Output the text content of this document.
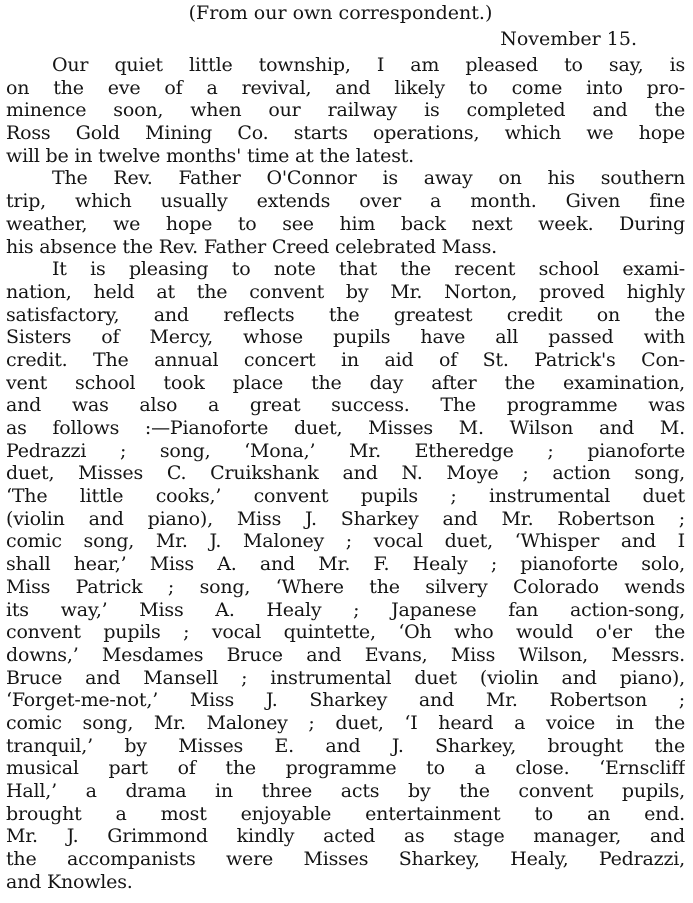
(From our own correspondent.)

November 15.

Our quiet little township, I am pleased to say, is
on the eve of a revival, and likely to come into pro-
minence soon, when our railway is completed and the
Ross Gold Mining Co. starts operations, which we hope
will be in twelve months' time at the latest.

The Rev. Father O'Connor is away on his southern
trip, which usually extends over a month. Given fine
weather, we hope to see him back next week. During
his absence the Rev. Father Creed celebrated Mass.

It is pleasing to note that the recent school exami-
nation, held at the convent by Mr. Norton, proved highly
satisfactory, and reflects the greatest credit on the
Sisters of Mercy, whose pupils have all passed with
credit. The annual concert in aid of St. Patrick's Con-
vent school took place the day after the examination,
and was also a great success. The programme was
as follows :—Pianoforte duet, Misses M. Wilson and M.
Pedrazzi ; song, ‘Mona,’ Mr. Etheredge ; pianoforte
duet, Misses C. Cruikshank and N. Moye ; action song,
‘The little cooks,’ convent pupils ; instrumental duet
(violin and piano), Miss J. Sharkey and Mr. Robertson ;
comic song, Mr. J. Maloney ; vocal duet, ‘Whisper and I
shall hear,’ Miss A. and Mr. F. Healy ; pianoforte solo,
Miss Patrick ; song, ‘Where the silvery Colorado wends
its way,’ Miss A. Healy ; Japanese fan action-song,
convent pupils ; vocal quintette, ‘Oh who would o'er the
downs,’ Mesdames Bruce and Evans, Miss Wilson, Messrs.
Bruce and Mansell ; instrumental duet (violin and piano),
‘Forget-me-not,’ Miss J. Sharkey and Mr. Robertson ;
comic song, Mr. Maloney ; duet, ‘I heard a voice in the
tranquil,’ by Misses E. and J. Sharkey, brought the
musical part of the programme to a close. ‘Ernscliff
Hall,’ a drama in three acts by the convent pupils,
brought a most enjoyable entertainment to an end.
Mr. J. Grimmond kindly acted as stage manager, and
the accompanists were Misses Sharkey, Healy, Pedrazzi,
and Knowles.
